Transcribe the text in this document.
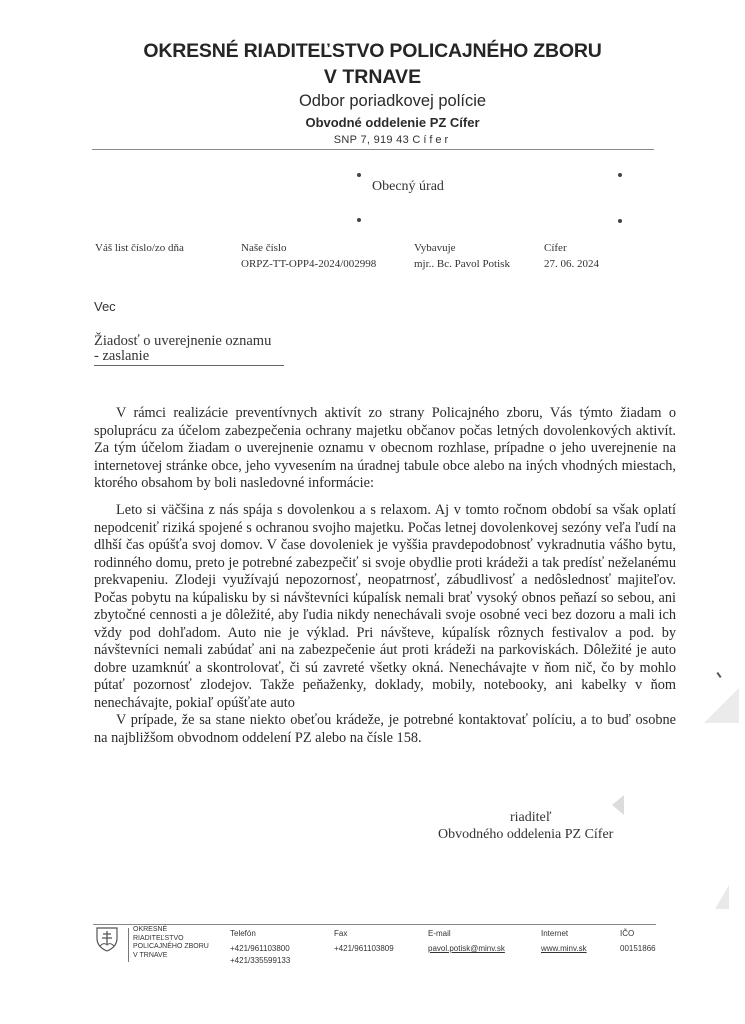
OKRESNÉ RIADITEĽSTVO POLICAJNÉHO ZBORU
V TRNAVE
Odbor poriadkovej polície
Obvodné oddelenie PZ Cífer
SNP 7, 919 43 Cífer
Obecný úrad
Váš list číslo/zo dňa	Naše číslo
ORPZ-TT-OPP4-2024/002998
Vybavuje
mjr.. Bc. Pavol Potisk
Cífer
27. 06. 2024
Vec
Žiadosť o uverejnenie oznamu
- zaslanie

V rámci realizácie preventívnych aktivít zo strany Policajného zboru, Vás týmto žiadam o spoluprácu za účelom zabezpečenia ochrany majetku občanov počas letných dovolenkových aktivít. Za tým účelom žiadam o uverejnenie oznamu v obecnom rozhlase, prípadne o jeho uverejnenie na internetovej stránke obce, jeho vyvesením na úradnej tabule obce alebo na iných vhodných miestach, ktorého obsahom by boli nasledovné informácie:

Leto si väčšina z nás spája s dovolenkou a s relaxom. Aj v tomto ročnom období sa však oplatí nepodceniť riziká spojené s ochranou svojho majetku. Počas letnej dovolenkovej sezóny veľa ľudí na dlhší čas opúšťa svoj domov. V čase dovoleniek je vyššia pravdepodobnosť vykradnutia vášho bytu, rodinného domu, preto je potrebné zabezpečiť si svoje obydlie proti krádeži a tak predísť neželanému prekvapeniu. Zlodeji využívajú nepozornosť, neopatrnosť, zábudlivosť a nedôslednosť majiteľov. Počas pobytu na kúpalisku by si návštevníci kúpalísk nemali brať vysoký obnos peňazí so sebou, ani zbytočné cennosti a je dôležité, aby ľudia nikdy nenechávali svoje osobné veci bez dozoru a mali ich vždy pod dohľadom. Auto nie je výklad. Pri návšteve, kúpalísk rôznych festivalov a pod. by návštevníci nemali zabúdať ani na zabezpečenie áut proti krádeži na parkoviskách. Dôležité je auto dobre uzamknúť a skontrolovať, či sú zavreté všetky okná. Nenechávajte v ňom nič, čo by mohlo pútať pozornosť zlodejov. Takže peňaženky, doklady, mobily, notebooky, ani kabelky v ňom nenechávajte, pokiaľ opúšťate auto

V prípade, že sa stane niekto obeťou krádeže, je potrebné kontaktovať políciu, a to buď osobne na najbližšom obvodnom oddelení PZ alebo na čísle 158.

riaditeľ
Obvodného oddelenia PZ Cífer
OKRESNÉ
RIADITEĽSTVO
POLICAJNÉHO ZBORU
V TRNAVE
Telefón
+421/961103800
+421/335599133
Fax
+421/961103809
E-mail
pavol.potisk@minv.sk
Internet
www.minv.sk
IČO
00151866
